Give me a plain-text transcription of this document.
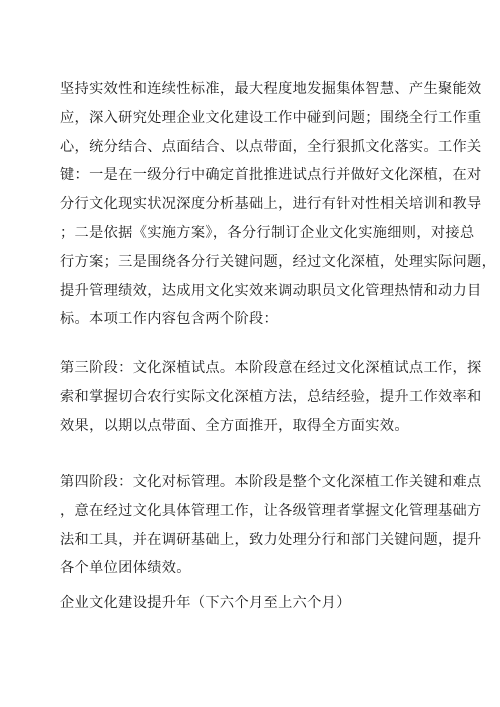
坚持实效性和连续性标准，最大程度地发掘集体智慧、产生聚能效
应，深入研究处理企业文化建设工作中碰到问题；围绕全行工作重
心，统分结合、点面结合、以点带面，全行狠抓文化落实。工作关
键：一是在一级分行中确定首批推进试点行并做好文化深植，在对
分行文化现实状况深度分析基础上，进行有针对性相关培训和教导
；二是依据《实施方案》，各分行制订企业文化实施细则，对接总
行方案；三是围绕各分行关键问题，经过文化深植，处理实际问题，
提升管理绩效，达成用文化实效来调动职员文化管理热情和动力目
标。本项工作内容包含两个阶段：
第三阶段：文化深植试点。本阶段意在经过文化深植试点工作，探
索和掌握切合农行实际文化深植方法，总结经验，提升工作效率和
效果，以期以点带面、全方面推开，取得全方面实效。
第四阶段：文化对标管理。本阶段是整个文化深植工作关键和难点
，意在经过文化具体管理工作，让各级管理者掌握文化管理基础方
法和工具，并在调研基础上，致力处理分行和部门关键问题，提升
各个单位团体绩效。
企业文化建设提升年（下六个月至上六个月）
